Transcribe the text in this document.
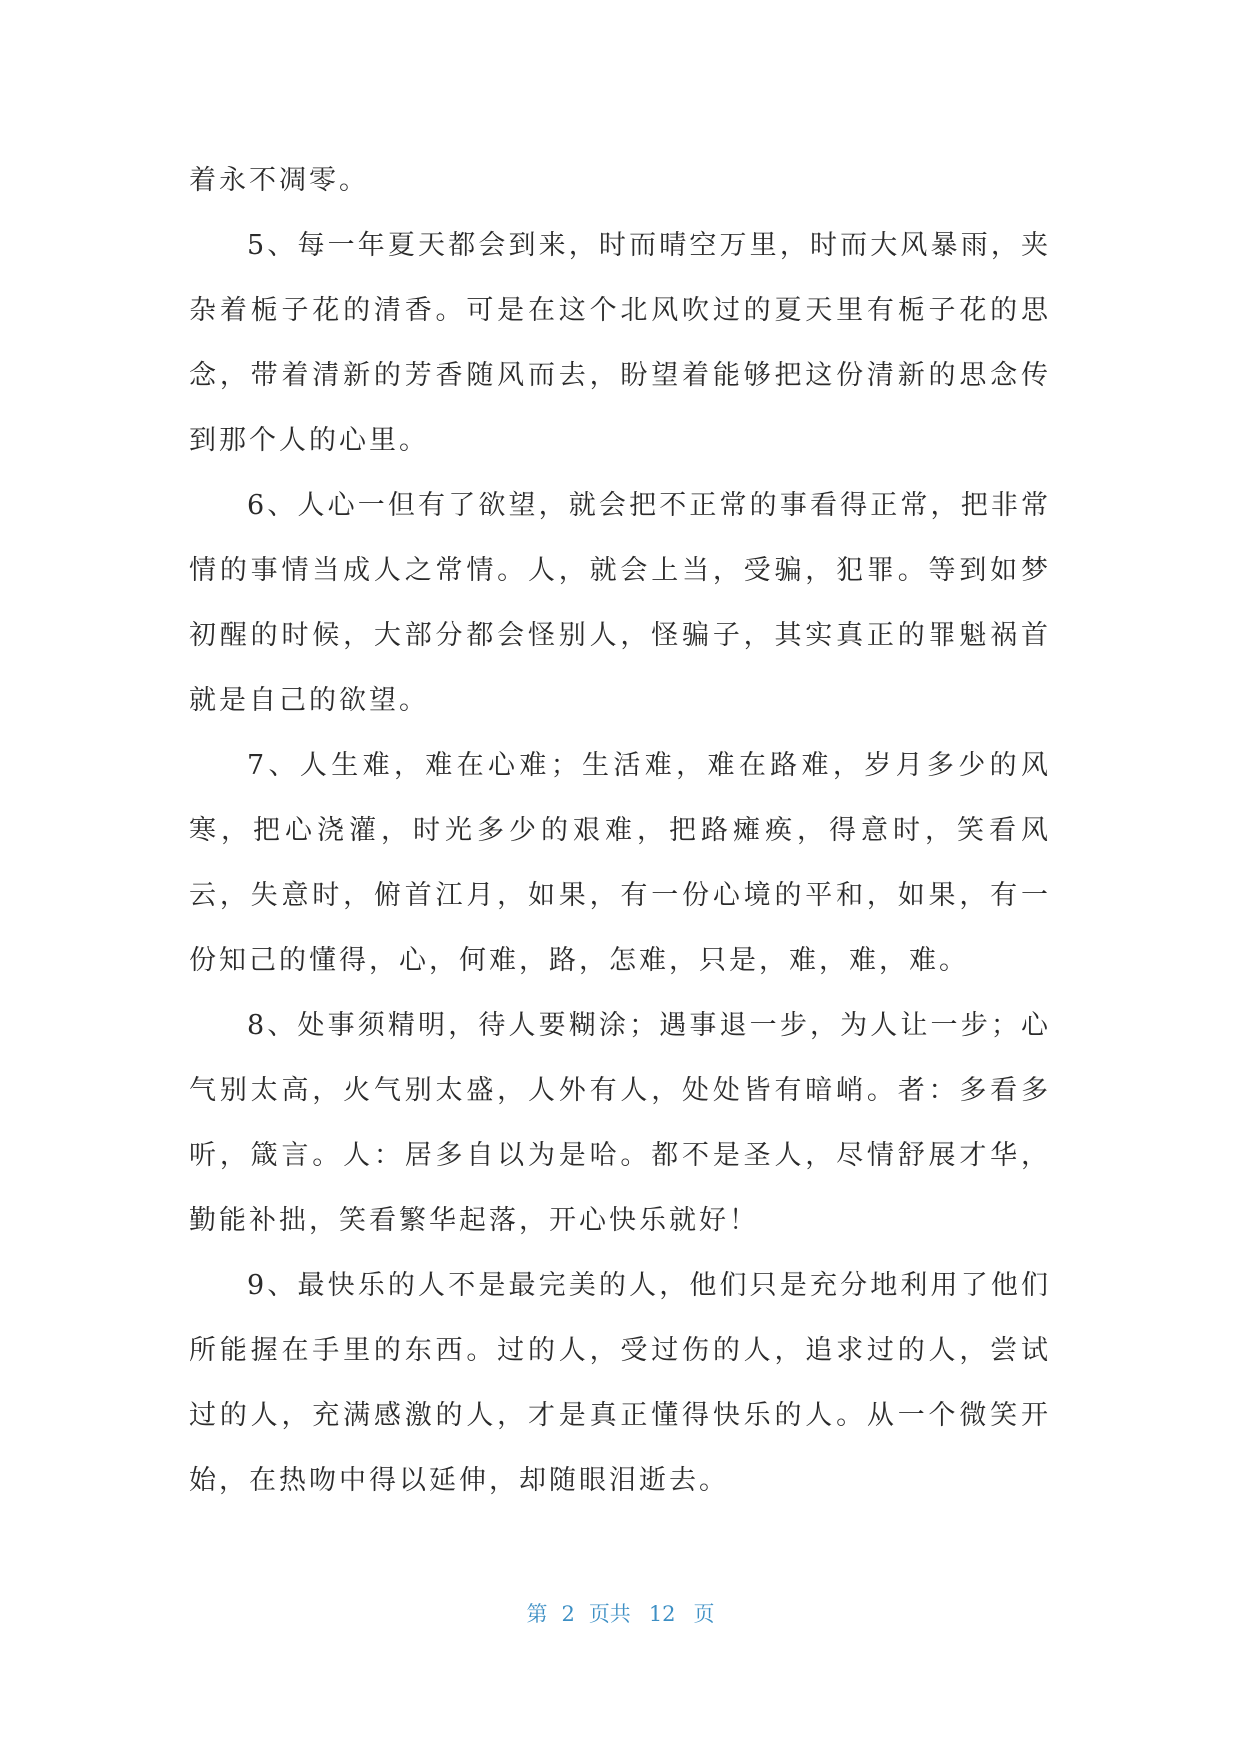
着永不凋零。

5、每一年夏天都会到来，时而晴空万里，时而大风暴雨，夹杂着栀子花的清香。可是在这个北风吹过的夏天里有栀子花的思念，带着清新的芳香随风而去，盼望着能够把这份清新的思念传到那个人的心里。

6、人心一但有了欲望，就会把不正常的事看得正常，把非常情的事情当成人之常情。人，就会上当，受骗，犯罪。等到如梦初醒的时候，大部分都会怪别人，怪骗子，其实真正的罪魁祸首就是自己的欲望。

7、人生难，难在心难；生活难，难在路难，岁月多少的风寒，把心浇灌，时光多少的艰难，把路瘫痪，得意时，笑看风云，失意时，俯首江月，如果，有一份心境的平和，如果，有一份知己的懂得，心，何难，路，怎难，只是，难，难，难。

8、处事须精明，待人要糊涂；遇事退一步，为人让一步；心气别太高，火气别太盛，人外有人，处处皆有暗峭。者：多看多听，箴言。人：居多自以为是哈。都不是圣人，尽情舒展才华，勤能补拙，笑看繁华起落，开心快乐就好！

9、最快乐的人不是最完美的人，他们只是充分地利用了他们所能握在手里的东西。过的人，受过伤的人，追求过的人，尝试过的人，充满感激的人，才是真正懂得快乐的人。从一个微笑开始，在热吻中得以延伸，却随眼泪逝去。

第 2 页共 12 页
